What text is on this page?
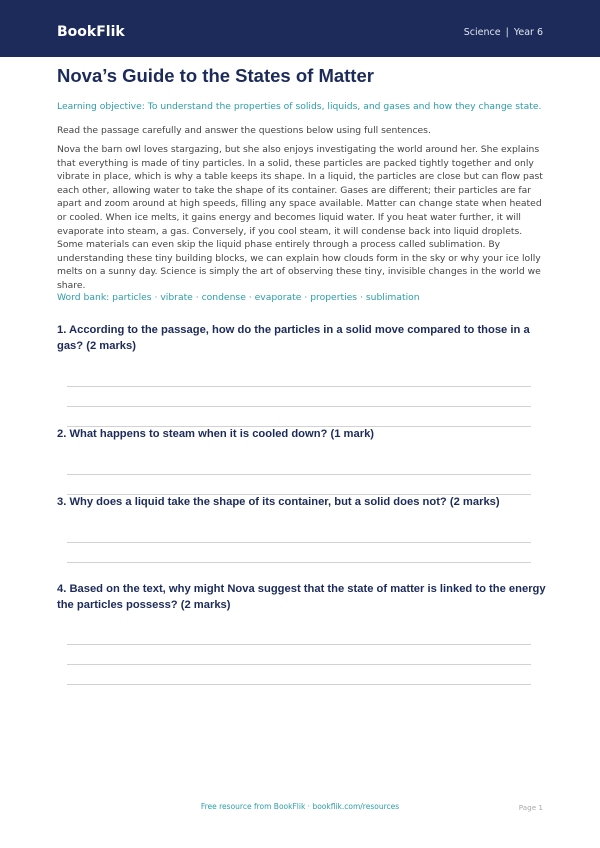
BookFlik	Science | Year 6
Nova’s Guide to the States of Matter
Learning objective: To understand the properties of solids, liquids, and gases and how they change state.
Read the passage carefully and answer the questions below using full sentences.

Nova the barn owl loves stargazing, but she also enjoys investigating the world around her. She explains that everything is made of tiny particles. In a solid, these particles are packed tightly together and only vibrate in place, which is why a table keeps its shape. In a liquid, the particles are close but can flow past each other, allowing water to take the shape of its container. Gases are different; their particles are far apart and zoom around at high speeds, filling any space available. Matter can change state when heated or cooled. When ice melts, it gains energy and becomes liquid water. If you heat water further, it will evaporate into steam, a gas. Conversely, if you cool steam, it will condense back into liquid droplets. Some materials can even skip the liquid phase entirely through a process called sublimation. By understanding these tiny building blocks, we can explain how clouds form in the sky or why your ice lolly melts on a sunny day. Science is simply the art of observing these tiny, invisible changes in the world we share.

Word bank: particles · vibrate · condense · evaporate · properties · sublimation

1. According to the passage, how do the particles in a solid move compared to those in a gas? (2 marks)

2. What happens to steam when it is cooled down? (1 mark)

3. Why does a liquid take the shape of its container, but a solid does not? (2 marks)

4. Based on the text, why might Nova suggest that the state of matter is linked to the energy the particles possess? (2 marks)

Free resource from BookFlik · bookflik.com/resources	Page 1
